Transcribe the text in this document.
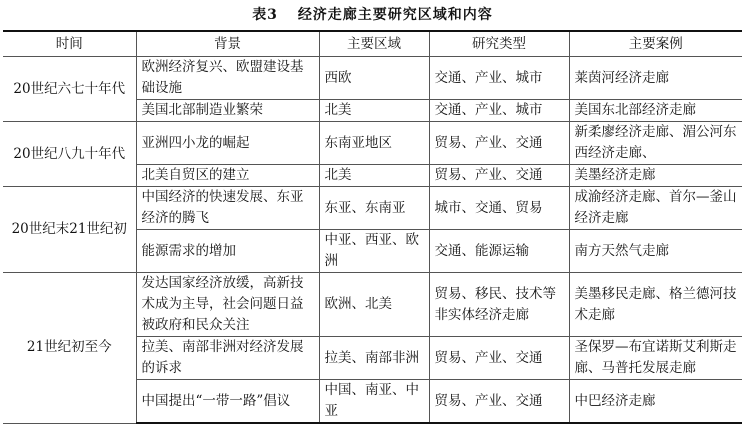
表3 经济走廊主要研究区域和内容
时间	背景	主要区域	研究类型	主要案例
20世纪六七十年代	欧洲经济复兴、欧盟建设基础设施	西欧	交通、产业、城市	莱茵河经济走廊
	美国北部制造业繁荣	北美	交通、产业、城市	美国东北部经济走廊
20世纪八九十年代	亚洲四小龙的崛起	东南亚地区	贸易、产业、交通	新柔廖经济走廊、湄公河东西经济走廊、
	北美自贸区的建立	北美	贸易、产业、交通	美墨经济走廊
20世纪末21世纪初	中国经济的快速发展、东亚经济的腾飞	东亚、东南亚	城市、交通、贸易	成渝经济走廊、首尔—釜山经济走廊
	能源需求的增加	中亚、西亚、欧洲	交通、能源运输	南方天然气走廊
21世纪初至今	发达国家经济放缓，高新技术成为主导，社会问题日益被政府和民众关注	欧洲、北美	贸易、移民、技术等非实体经济走廊	美墨移民走廊、格兰德河技术走廊
	拉美、南部非洲对经济发展的诉求	拉美、南部非洲	贸易、产业、交通	圣保罗—布宜诺斯艾利斯走廊、马普托发展走廊
	中国提出“一带一路”倡议	中国、南亚、中亚	贸易、产业、交通	中巴经济走廊
